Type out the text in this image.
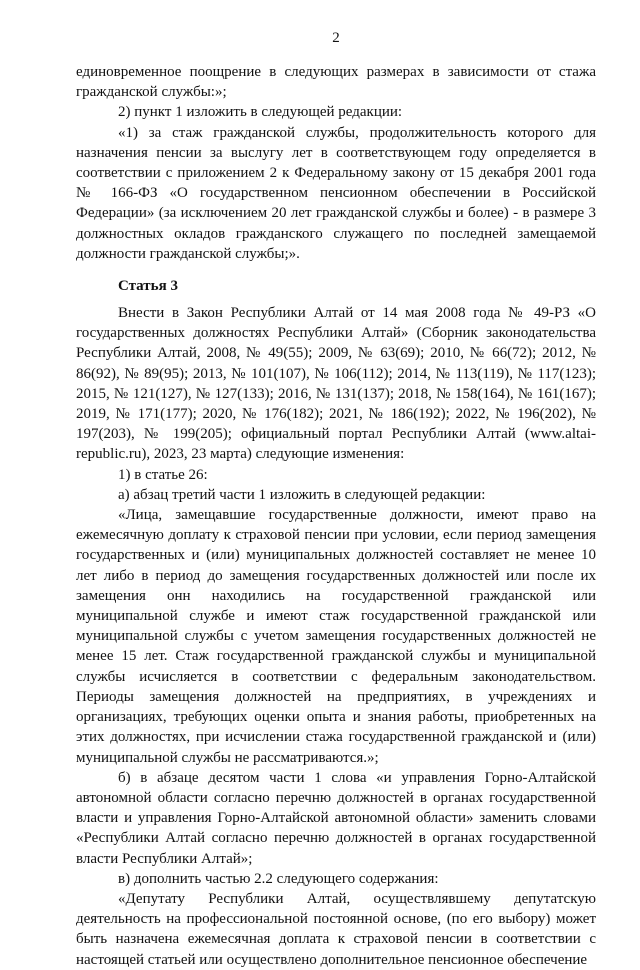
2

единовременное поощрение в следующих размерах в зависимости от стажа гражданской службы:»;

2) пункт 1 изложить в следующей редакции:

«1) за стаж гражданской службы, продолжительность которого для назначения пенсии за выслугу лет в соответствующем году определяется в соответствии с приложением 2 к Федеральному закону от 15 декабря 2001 года № 166-ФЗ «О государственном пенсионном обеспечении в Российской Федерации» (за исключением 20 лет гражданской службы и более) - в размере 3 должностных окладов гражданского служащего по последней замещаемой должности гражданской службы;».

Статья 3

Внести в Закон Республики Алтай от 14 мая 2008 года № 49-РЗ «О государственных должностях Республики Алтай» (Сборник законодательства Республики Алтай, 2008, № 49(55); 2009, № 63(69); 2010, № 66(72); 2012, № 86(92), № 89(95); 2013, № 101(107), № 106(112); 2014, № 113(119), № 117(123); 2015, № 121(127), № 127(133); 2016, № 131(137); 2018, № 158(164), № 161(167); 2019, № 171(177); 2020, № 176(182); 2021, № 186(192); 2022, № 196(202), № 197(203), № 199(205); официальный портал Республики Алтай (www.altai-republic.ru), 2023, 23 марта) следующие изменения:

1) в статье 26:

а) абзац третий части 1 изложить в следующей редакции:

«Лица, замещавшие государственные должности, имеют право на ежемесячную доплату к страховой пенсии при условии, если период замещения государственных и (или) муниципальных должностей составляет не менее 10 лет либо в период до замещения государственных должностей или после их замещения онн находились на государственной гражданской или муниципальной службе и имеют стаж государственной гражданской или муниципальной службы с учетом замещения государственных должностей не менее 15 лет. Стаж государственной гражданской службы и муниципальной службы исчисляется в соответствии с федеральным законодательством. Периоды замещения должностей на предприятиях, в учреждениях и организациях, требующих оценки опыта и знания работы, приобретенных на этих должностях, при исчислении стажа государственной гражданской и (или) муниципальной службы не рассматриваются.»;

б) в абзаце десятом части 1 слова «и управления Горно-Алтайской автономной области согласно перечню должностей в органах государственной власти и управления Горно-Алтайской автономной области» заменить словами «Республики Алтай согласно перечню должностей в органах государственной власти Республики Алтай»;

в) дополнить частью 2.2 следующего содержания:

«Депутату Республики Алтай, осуществлявшему депутатскую деятельность на профессиональной постоянной основе, (по его выбору) может быть назначена ежемесячная доплата к страховой пенсии в соответствии с настоящей статьей или осуществлено дополнительное пенсионное обеспечение
